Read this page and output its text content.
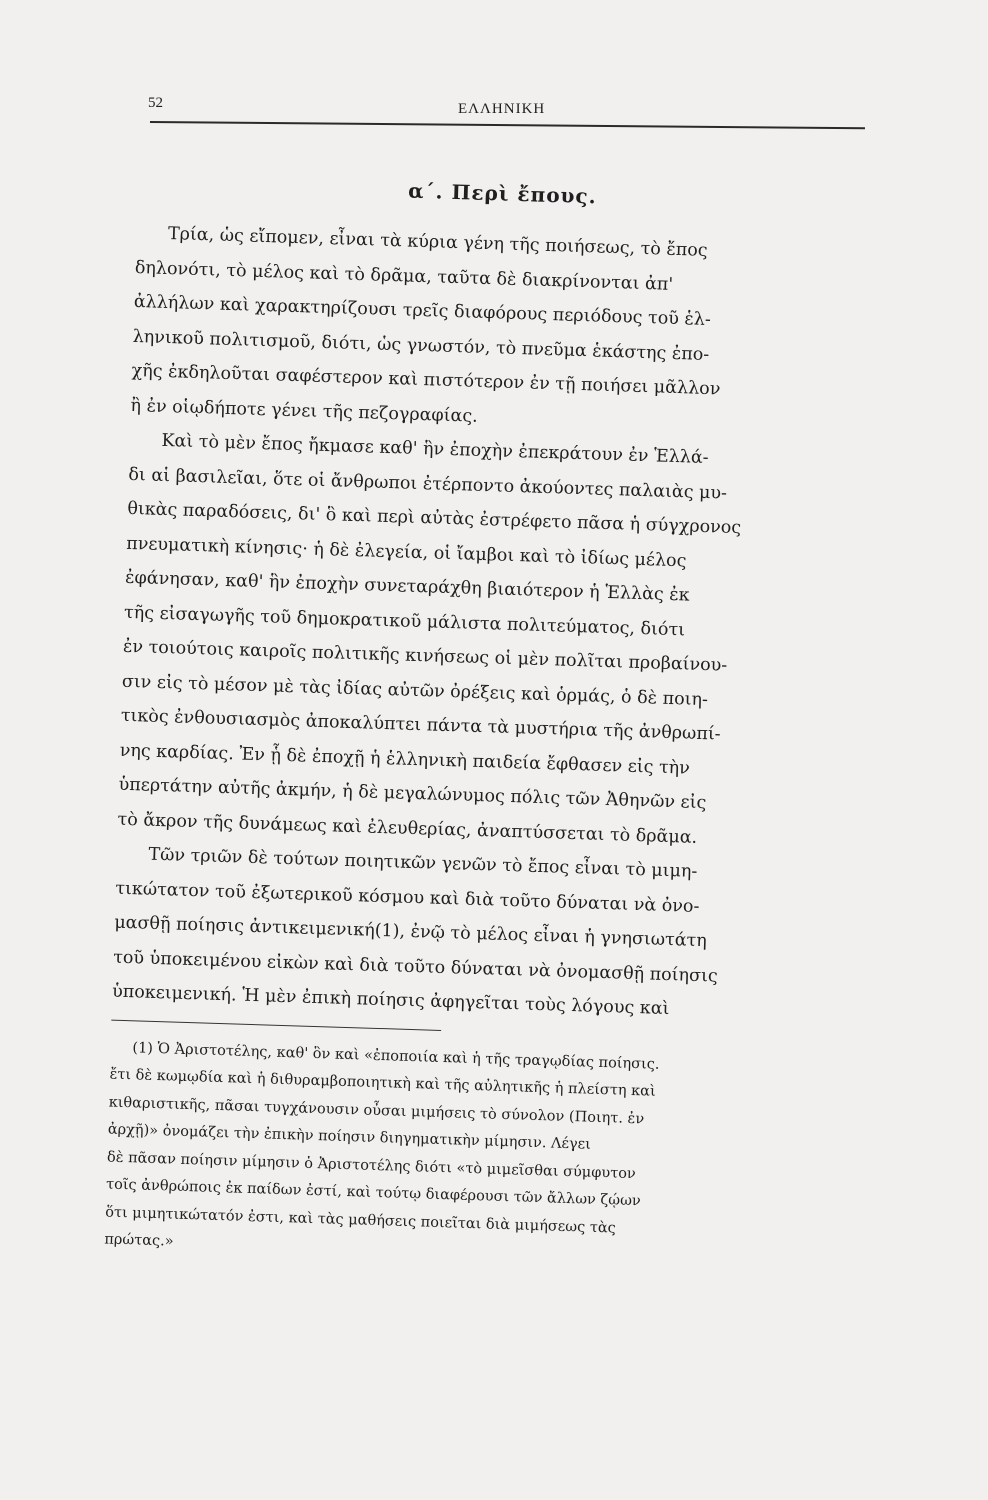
52	ΕΛΛΗΝΙΚΗ
α΄. Περὶ ἔπους.

Τρία, ὡς εἴπομεν, εἶναι τὰ κύρια γένη τῆς ποιήσεως, τὸ ἔπος
δηλονότι, τὸ μέλος καὶ τὸ δρᾶμα, ταῦτα δὲ διακρίνονται ἀπ'
ἀλλήλων καὶ χαρακτηρίζουσι τρεῖς διαφόρους περιόδους τοῦ ἑλ-
ληνικοῦ πολιτισμοῦ, διότι, ὡς γνωστόν, τὸ πνεῦμα ἑκάστης ἐπο-
χῆς ἐκδηλοῦται σαφέστερον καὶ πιστότερον ἐν τῇ ποιήσει μᾶλλον
ἢ ἐν οἱῳδήποτε γένει τῆς πεζογραφίας.

Καὶ τὸ μὲν ἔπος ἤκμασε καθ' ἣν ἐποχὴν ἐπεκράτουν ἐν Ἑλλά-
δι αἱ βασιλεῖαι, ὅτε οἱ ἄνθρωποι ἐτέρποντο ἀκούοντες παλαιὰς μυ-
θικὰς παραδόσεις, δι' ὃ καὶ περὶ αὐτὰς ἐστρέφετο πᾶσα ἡ σύγχρονος
πνευματικὴ κίνησις· ἡ δὲ ἐλεγεία, οἱ ἴαμβοι καὶ τὸ ἰδίως μέλος
ἐφάνησαν, καθ' ἣν ἐποχὴν συνεταράχθη βιαιότερον ἡ Ἑλλὰς ἐκ
τῆς εἰσαγωγῆς τοῦ δημοκρατικοῦ μάλιστα πολιτεύματος, διότι
ἐν τοιούτοις καιροῖς πολιτικῆς κινήσεως οἱ μὲν πολῖται προβαίνου-
σιν εἰς τὸ μέσον μὲ τὰς ἰδίας αὐτῶν ὀρέξεις καὶ ὁρμάς, ὁ δὲ ποιη-
τικὸς ἐνθουσιασμὸς ἀποκαλύπτει πάντα τὰ μυστήρια τῆς ἀνθρωπί-
νης καρδίας. Ἐν ᾗ δὲ ἐποχῇ ἡ ἑλληνικὴ παιδεία ἔφθασεν εἰς τὴν
ὑπερτάτην αὐτῆς ἀκμήν, ἡ δὲ μεγαλώνυμος πόλις τῶν Ἀθηνῶν εἰς
τὸ ἄκρον τῆς δυνάμεως καὶ ἐλευθερίας, ἀναπτύσσεται τὸ δρᾶμα.

Τῶν τριῶν δὲ τούτων ποιητικῶν γενῶν τὸ ἔπος εἶναι τὸ μιμη-
τικώτατον τοῦ ἐξωτερικοῦ κόσμου καὶ διὰ τοῦτο δύναται νὰ ὀνο-
μασθῇ ποίησις ἀντικειμενική(1), ἐνῷ τὸ μέλος εἶναι ἡ γνησιωτάτη
τοῦ ὑποκειμένου εἰκὼν καὶ διὰ τοῦτο δύναται νὰ ὀνομασθῇ ποίησις
ὑποκειμενική. Ἡ μὲν ἐπικὴ ποίησις ἀφηγεῖται τοὺς λόγους καὶ

(1) Ὁ Ἀριστοτέλης, καθ' ὃν καὶ «ἐποποιία καὶ ἡ τῆς τραγῳδίας ποίησις.
ἔτι δὲ κωμῳδία καὶ ἡ διθυραμβοποιητικὴ καὶ τῆς αὐλητικῆς ἡ πλείστη καὶ
κιθαριστικῆς, πᾶσαι τυγχάνουσιν οὖσαι μιμήσεις τὸ σύνολον (Ποιητ. ἐν
ἀρχῇ)» ὀνομάζει τὴν ἐπικὴν ποίησιν διηγηματικὴν μίμησιν. Λέγει
δὲ πᾶσαν ποίησιν μίμησιν ὁ Ἀριστοτέλης διότι «τὸ μιμεῖσθαι σύμφυτον
τοῖς ἀνθρώποις ἐκ παίδων ἐστί, καὶ τούτῳ διαφέρουσι τῶν ἄλλων ζῴων
ὅτι μιμητικώτατόν ἐστι, καὶ τὰς μαθήσεις ποιεῖται διὰ μιμήσεως τὰς
πρώτας.»
